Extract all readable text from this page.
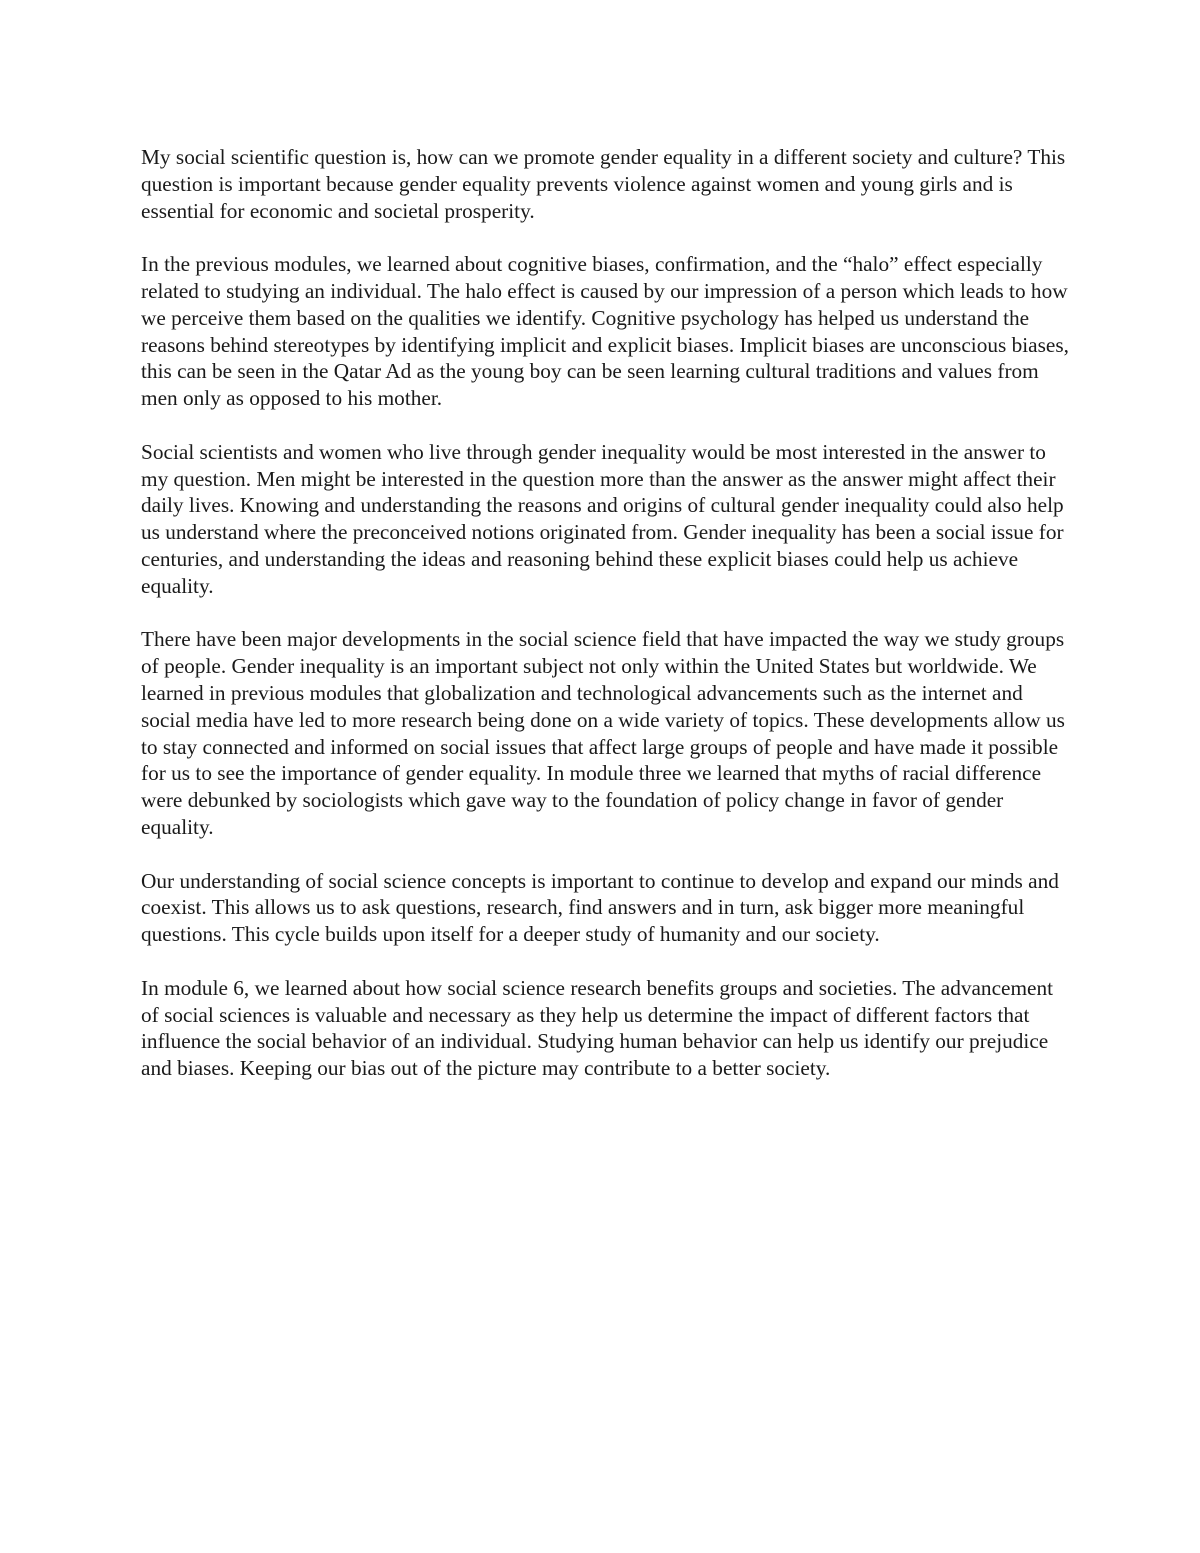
My social scientific question is, how can we promote gender equality in a different society and culture? This question is important because gender equality prevents violence against women and young girls and is essential for economic and societal prosperity.

In the previous modules, we learned about cognitive biases, confirmation, and the “halo” effect especially related to studying an individual. The halo effect is caused by our impression of a person which leads to how we perceive them based on the qualities we identify. Cognitive psychology has helped us understand the reasons behind stereotypes by identifying implicit and explicit biases. Implicit biases are unconscious biases, this can be seen in the Qatar Ad as the young boy can be seen learning cultural traditions and values from men only as opposed to his mother.

Social scientists and women who live through gender inequality would be most interested in the answer to my question. Men might be interested in the question more than the answer as the answer might affect their daily lives. Knowing and understanding the reasons and origins of cultural gender inequality could also help us understand where the preconceived notions originated from. Gender inequality has been a social issue for centuries, and understanding the ideas and reasoning behind these explicit biases could help us achieve equality.

There have been major developments in the social science field that have impacted the way we study groups of people. Gender inequality is an important subject not only within the United States but worldwide. We learned in previous modules that globalization and technological advancements such as the internet and social media have led to more research being done on a wide variety of topics. These developments allow us to stay connected and informed on social issues that affect large groups of people and have made it possible for us to see the importance of gender equality. In module three we learned that myths of racial difference were debunked by sociologists which gave way to the foundation of policy change in favor of gender equality.

Our understanding of social science concepts is important to continue to develop and expand our minds and coexist. This allows us to ask questions, research, find answers and in turn, ask bigger more meaningful questions. This cycle builds upon itself for a deeper study of humanity and our society.

In module 6, we learned about how social science research benefits groups and societies. The advancement of social sciences is valuable and necessary as they help us determine the impact of different factors that influence the social behavior of an individual. Studying human behavior can help us identify our prejudice and biases. Keeping our bias out of the picture may contribute to a better society.
